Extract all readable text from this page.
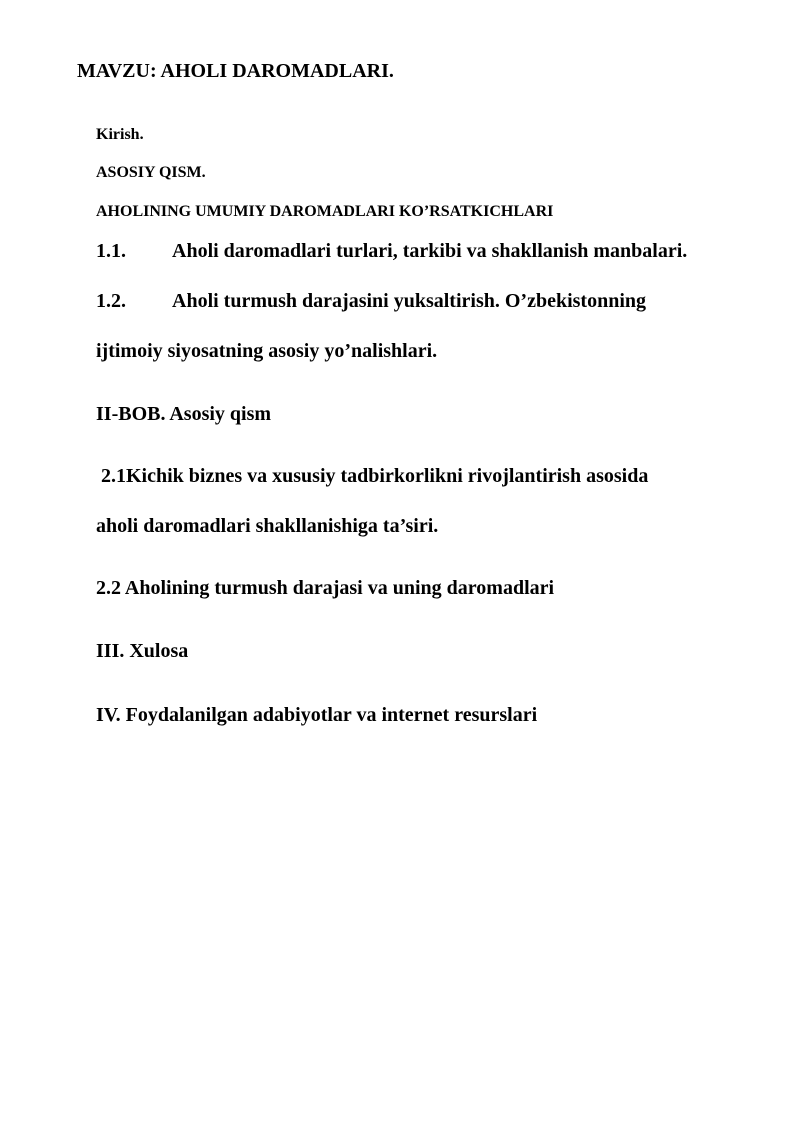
MAVZU: AHOLI DAROMADLARI.
Kirish.
ASOSIY QISM.
AHOLINING UMUMIY DAROMADLARI KO’RSATKICHLARI
1.1. Aholi daromadlari turlari, tarkibi va shakllanish manbalari.
1.2. Aholi turmush darajasini yuksaltirish. O’zbekistonning
ijtimoiy siyosatning asosiy yo’nalishlari.
II-BOB. Asosiy qism
2.1Kichik biznes va xususiy tadbirkorlikni rivojlantirish asosida
aholi daromadlari shakllanishiga ta’siri.
2.2 Aholining turmush darajasi va uning daromadlari
III. Xulosa
IV. Foydalanilgan adabiyotlar va internet resurslari
